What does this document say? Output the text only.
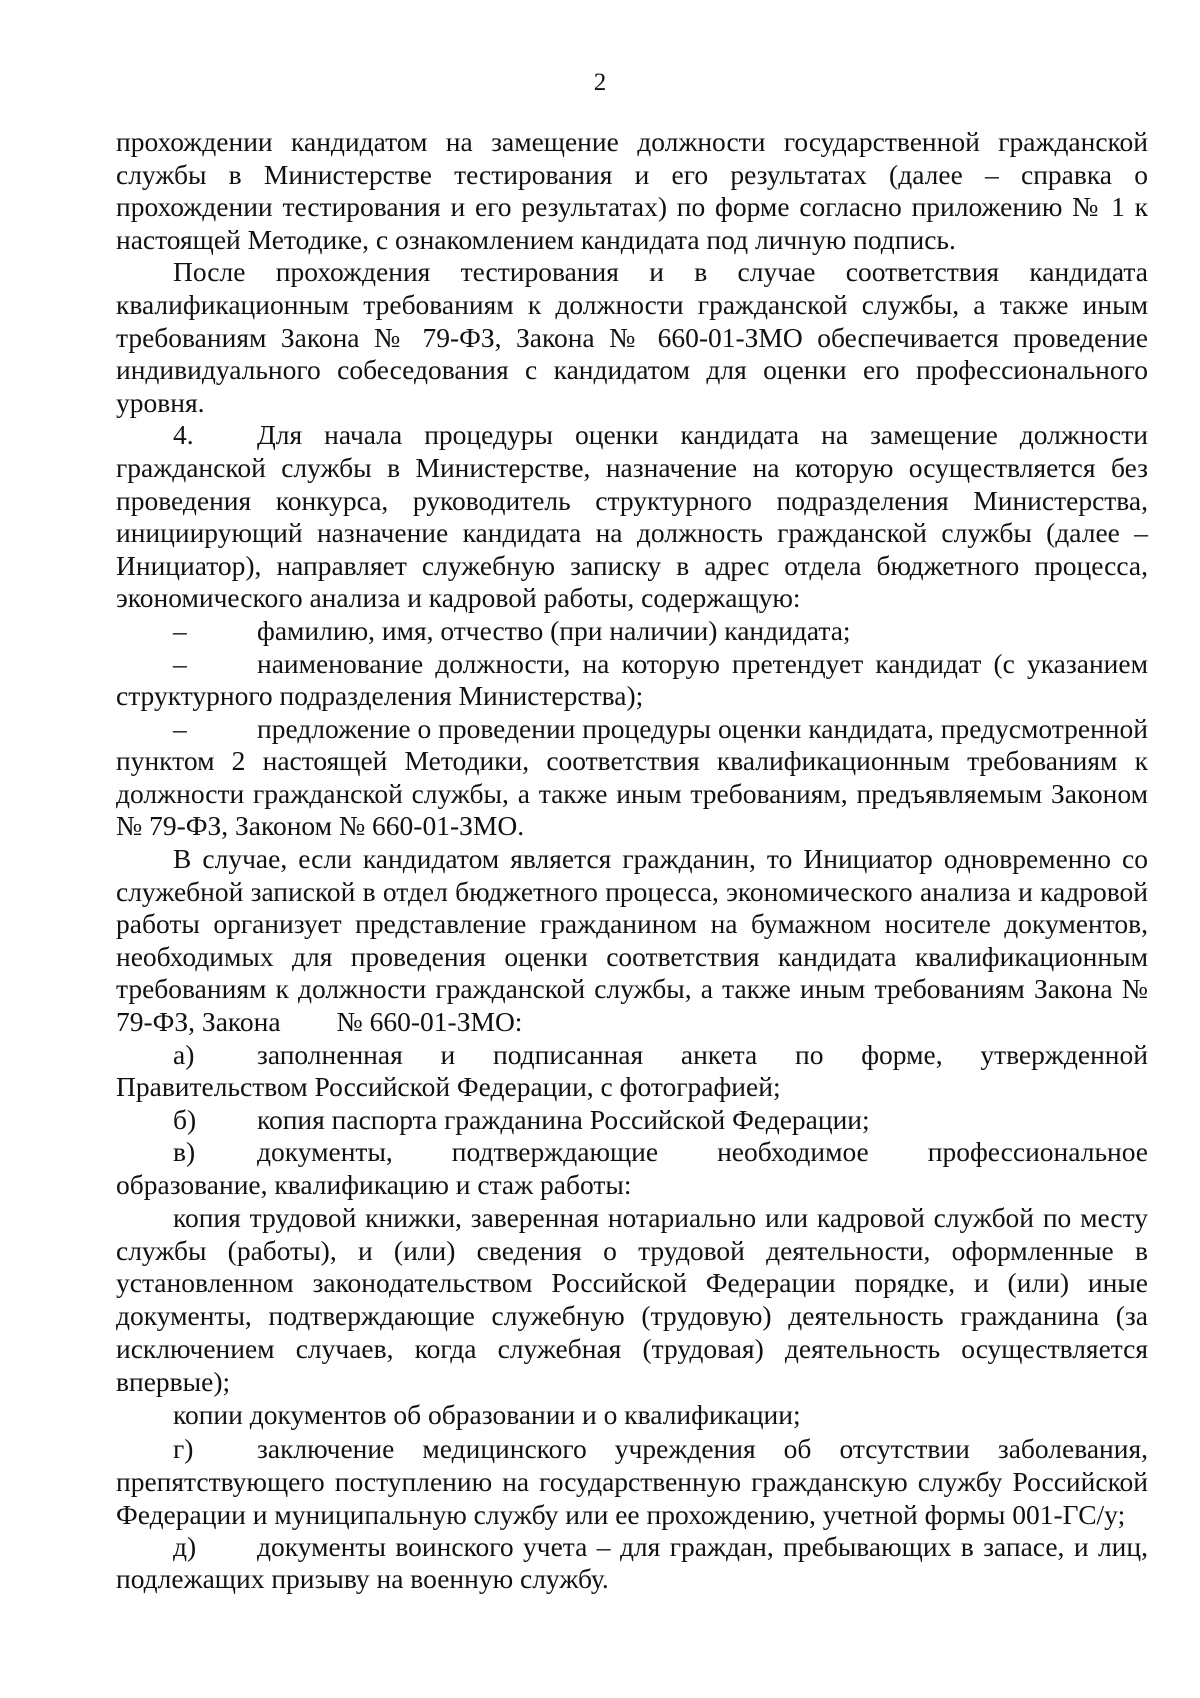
2

прохождении кандидатом на замещение должности государственной гражданской службы в Министерстве тестирования и его результатах (далее – справка о прохождении тестирования и его результатах) по форме согласно приложению № 1 к настоящей Методике, с ознакомлением кандидата под личную подпись.

После прохождения тестирования и в случае соответствия кандидата квалификационным требованиям к должности гражданской службы, а также иным требованиям Закона № 79-ФЗ, Закона № 660-01-ЗМО обеспечивается проведение индивидуального собеседования с кандидатом для оценки его профессионального уровня.

4. Для начала процедуры оценки кандидата на замещение должности гражданской службы в Министерстве, назначение на которую осуществляется без проведения конкурса, руководитель структурного подразделения Министерства, инициирующий назначение кандидата на должность гражданской службы (далее – Инициатор), направляет служебную записку в адрес отдела бюджетного процесса, экономического анализа и кадровой работы, содержащую:

–	фамилию, имя, отчество (при наличии) кандидата;

–	наименование должности, на которую претендует кандидат (с указанием структурного подразделения Министерства);

–	предложение о проведении процедуры оценки кандидата, предусмотренной пунктом 2 настоящей Методики, соответствия квалификационным требованиям к должности гражданской службы, а также иным требованиям, предъявляемым Законом № 79-ФЗ, Законом № 660-01-ЗМО.

В случае, если кандидатом является гражданин, то Инициатор одновременно со служебной запиской в отдел бюджетного процесса, экономического анализа и кадровой работы организует представление гражданином на бумажном носителе документов, необходимых для проведения оценки соответствия кандидата квалификационным требованиям к должности гражданской службы, а также иным требованиям Закона № 79-ФЗ, Закона № 660-01-ЗМО:

а) заполненная и подписанная анкета по форме, утвержденной Правительством Российской Федерации, с фотографией;

б) копия паспорта гражданина Российской Федерации;

в) документы, подтверждающие необходимое профессиональное образование, квалификацию и стаж работы:

копия трудовой книжки, заверенная нотариально или кадровой службой по месту службы (работы), и (или) сведения о трудовой деятельности, оформленные в установленном законодательством Российской Федерации порядке, и (или) иные документы, подтверждающие служебную (трудовую) деятельность гражданина (за исключением случаев, когда служебная (трудовая) деятельность осуществляется впервые);

копии документов об образовании и о квалификации;

г) заключение медицинского учреждения об отсутствии заболевания, препятствующего поступлению на государственную гражданскую службу Российской Федерации и муниципальную службу или ее прохождению, учетной формы 001-ГС/у;

д) документы воинского учета – для граждан, пребывающих в запасе, и лиц, подлежащих призыву на военную службу.
